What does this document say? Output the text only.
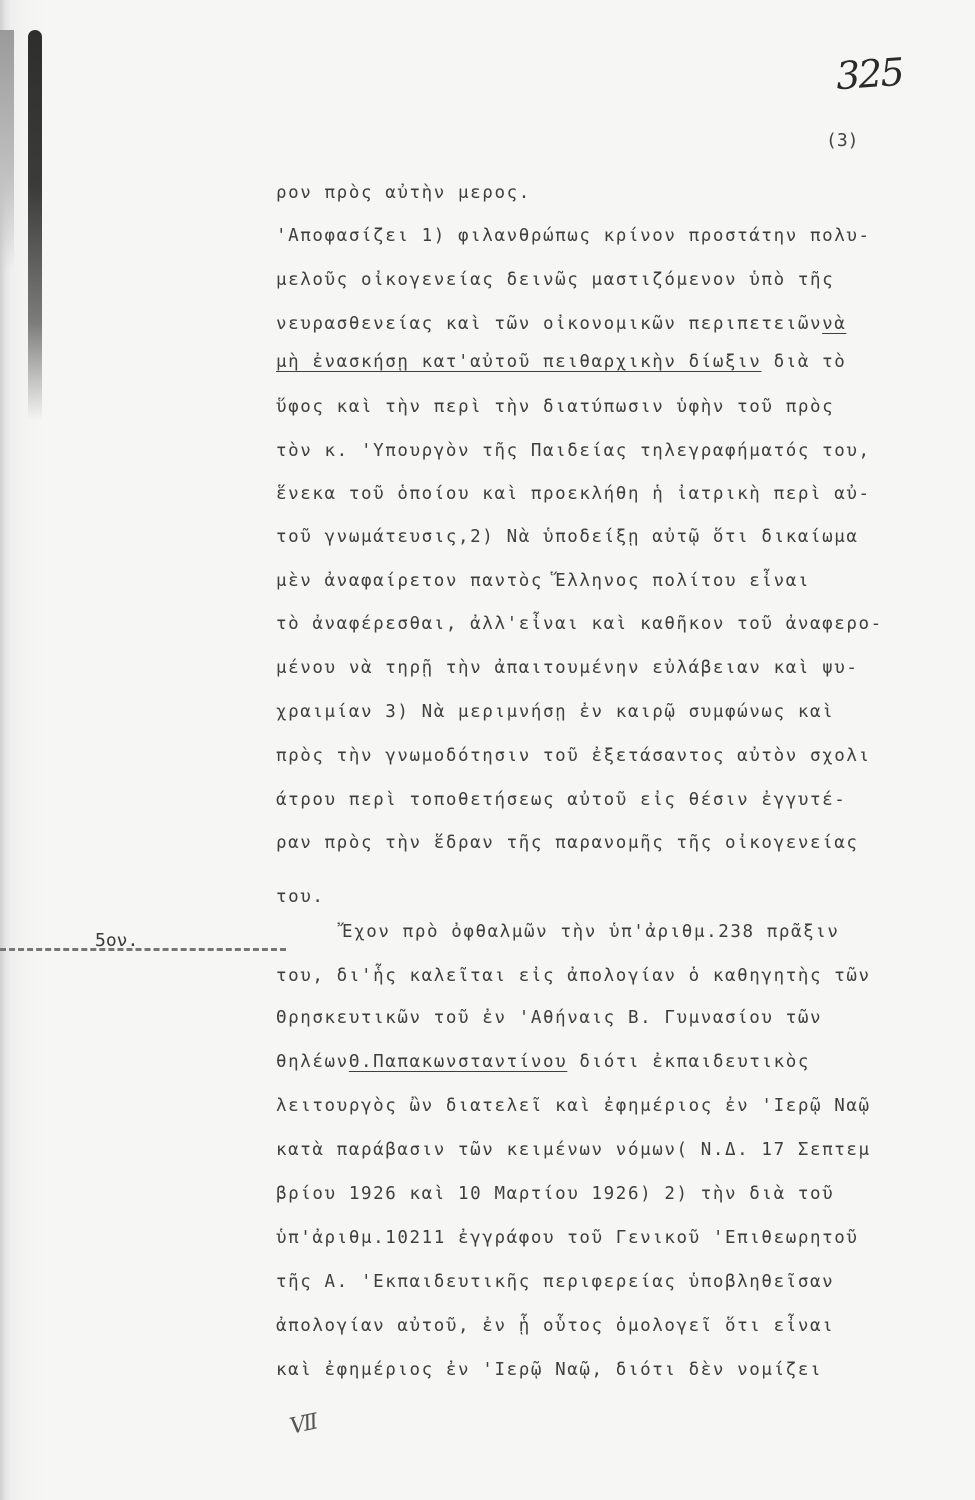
325
(3)
ρον πρὸς αὐτὴν μερος.
'Αποφασίζει 1) φιλανθρώπως κρίνον προστάτην πολυ-
μελοῦς οἰκογενείας δεινῶς μαστιζόμενον ὑπὸ τῆς
νευρασθενείας καὶ τῶν οἰκονομικῶν περιπετειῶννὰ
μὴ ἐνασκήσῃ κατ'αὐτοῦ πειθαρχικὴν δίωξιν διὰ τὸ
ὕφος καὶ τὴν περὶ τὴν διατύπωσιν ὑφὴν τοῦ πρὸς
τὸν κ. 'Υπουργὸν τῆς Παιδείας τηλεγραφήματός του,
ἕνεκα τοῦ ὁποίου καὶ προεκλήθη ἡ ἰατρικὴ περὶ αὐ-
τοῦ γνωμάτευσις,2) Νὰ ὑποδείξῃ αὐτῷ ὅτι δικαίωμα
μὲν ἀναφαίρετον παντὸς Ἕλληνος πολίτου εἶναι
τὸ ἀναφέρεσθαι, ἀλλ'εἶναι καὶ καθῆκον τοῦ ἀναφερο-
μένου νὰ τηρῇ τὴν ἀπαιτουμένην εὐλάβειαν καὶ ψυ-
χραιμίαν 3) Νὰ μεριμνήσῃ ἐν καιρῷ συμφώνως καὶ
πρὸς τὴν γνωμοδότησιν τοῦ ἐξετάσαντος αὐτὸν σχολι
άτρου περὶ τοποθετήσεως αὐτοῦ εἰς θέσιν ἐγγυτέ-
ραν πρὸς τὴν ἕδραν τῆς παρανομῆς τῆς οἰκογενείας
του.
5ον.	Ἔχον πρὸ ὀφθαλμῶν τὴν ὑπ'ἀριθμ.238 πρᾶξιν
του, δι'ἧς καλεῖται εἰς ἀπολογίαν ὁ καθηγητὴς τῶν
Θρησκευτικῶν τοῦ ἐν 'Αθήναις Β. Γυμνασίου τῶν
θηλέωνΘ.Παπακωνσταντίνου διότι ἐκπαιδευτικὸς
λειτουργὸς ὢν διατελεῖ καὶ ἐφημέριος ἐν 'Ιερῷ Ναῷ
κατὰ παράβασιν τῶν κειμένων νόμων( Ν.Δ. 17 Σεπτεμ
βρίου 1926 καὶ 10 Μαρτίου 1926) 2) τὴν διὰ τοῦ
ὑπ'ἀριθμ.10211 ἐγγράφου τοῦ Γενικοῦ 'Επιθεωρητοῦ
τῆς Α. 'Εκπαιδευτικῆς περιφερείας ὑποβληθεῖσαν
ἀπολογίαν αὐτοῦ, ἐν ᾗ οὗτος ὁμολογεῖ ὅτι εἶναι
καὶ ἐφημέριος ἐν 'Ιερῷ Ναῷ, διότι δὲν νομίζει
Ⅶ
